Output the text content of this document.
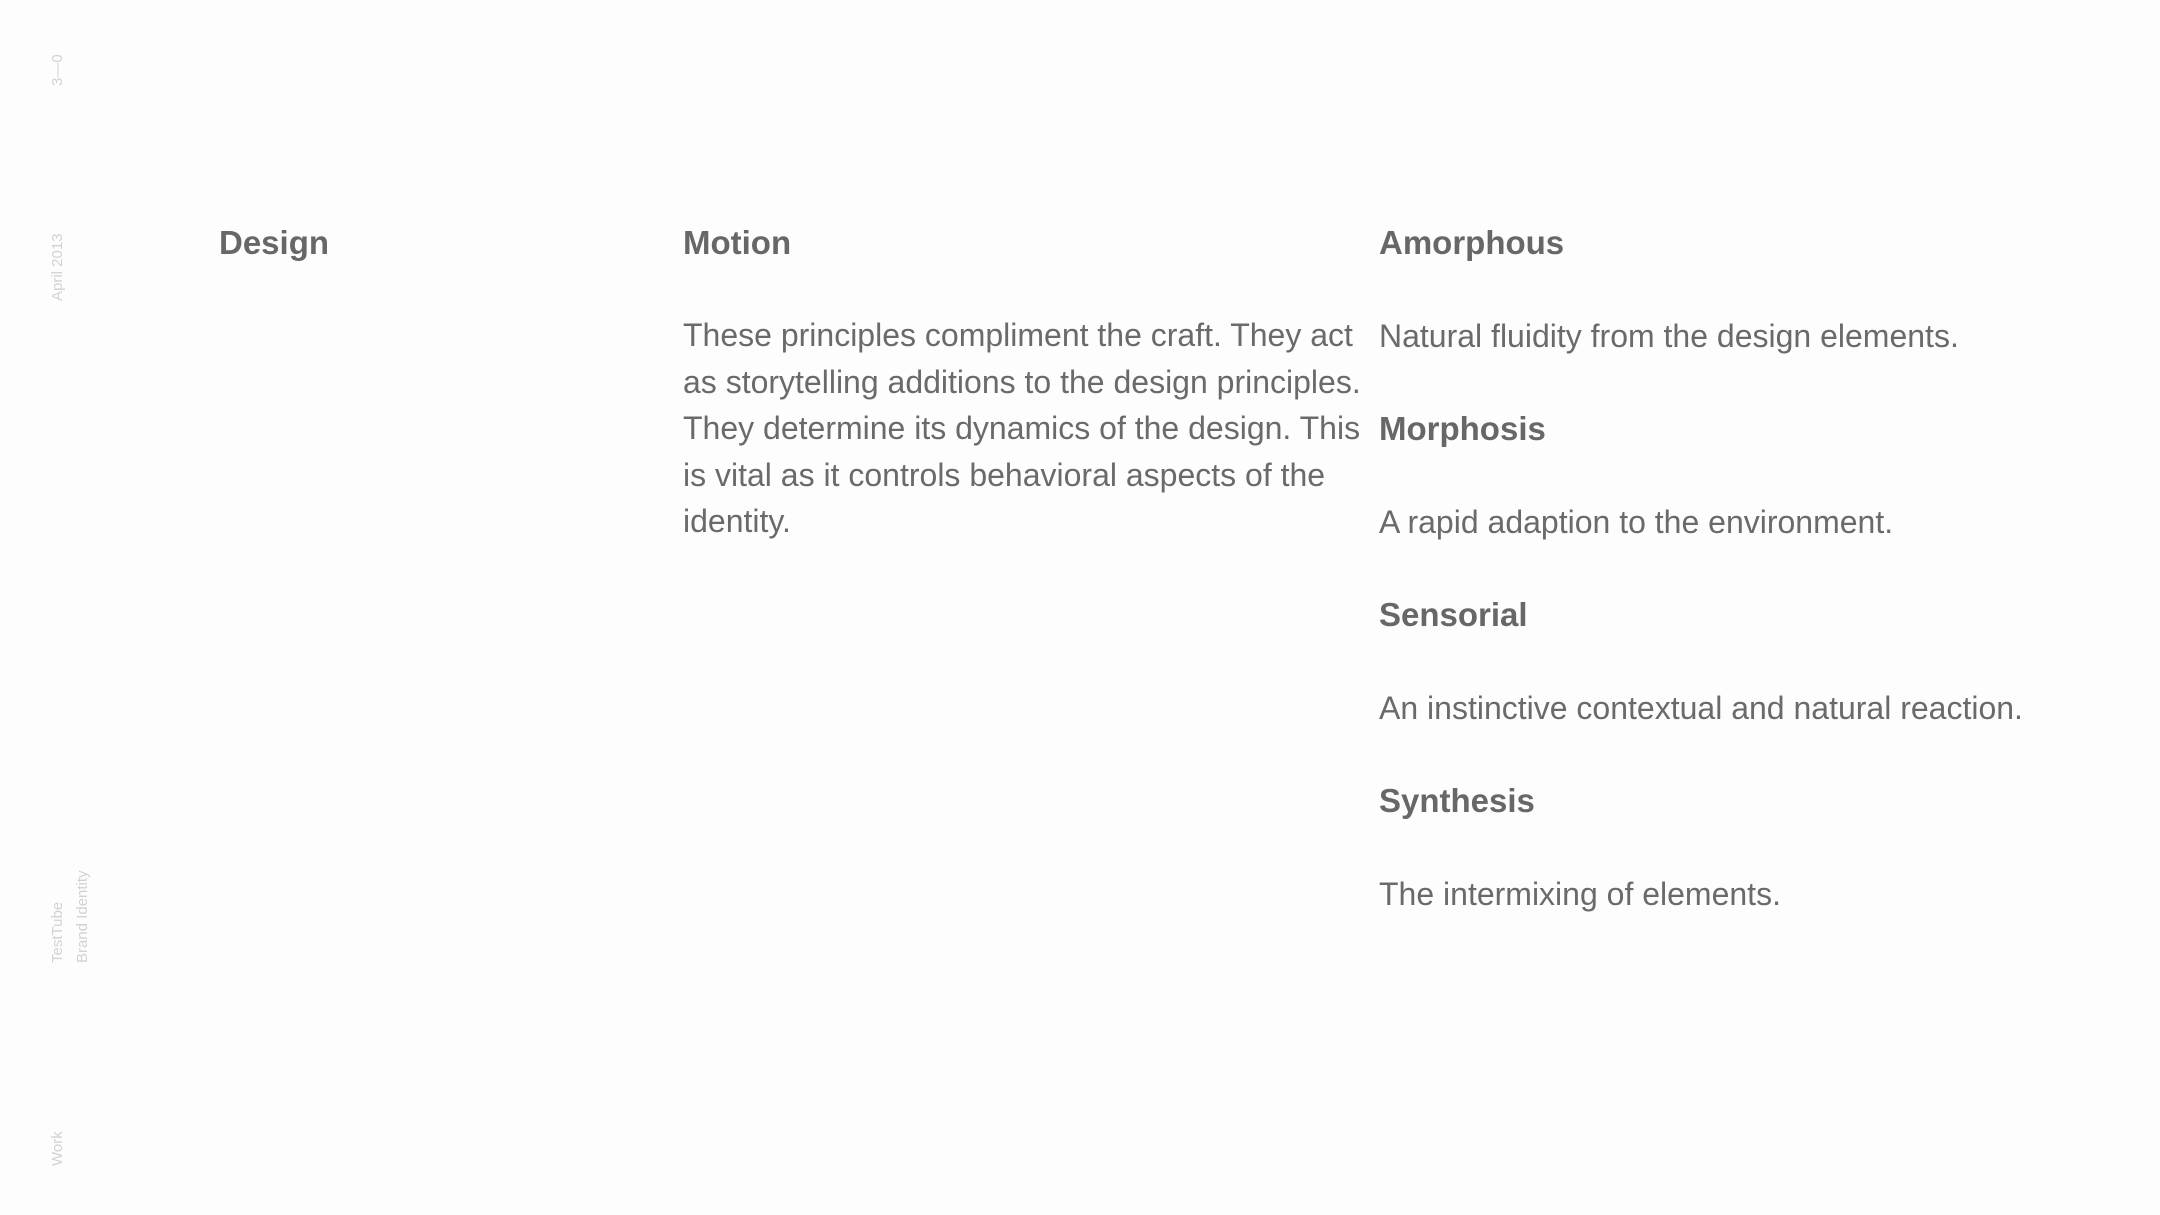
3—0
April 2013
TestTube Brand Identity
Work
Design	Motion
These principles compliment the craft. They act as storytelling additions to the design principles. They determine its dynamics of the design. This is vital as it controls behavioral aspects of the identity.
Amorphous
Natural fluidity from the design elements.
Morphosis
A rapid adaption to the environment.
Sensorial
An instinctive contextual and natural reaction.
Synthesis
The intermixing of elements.
